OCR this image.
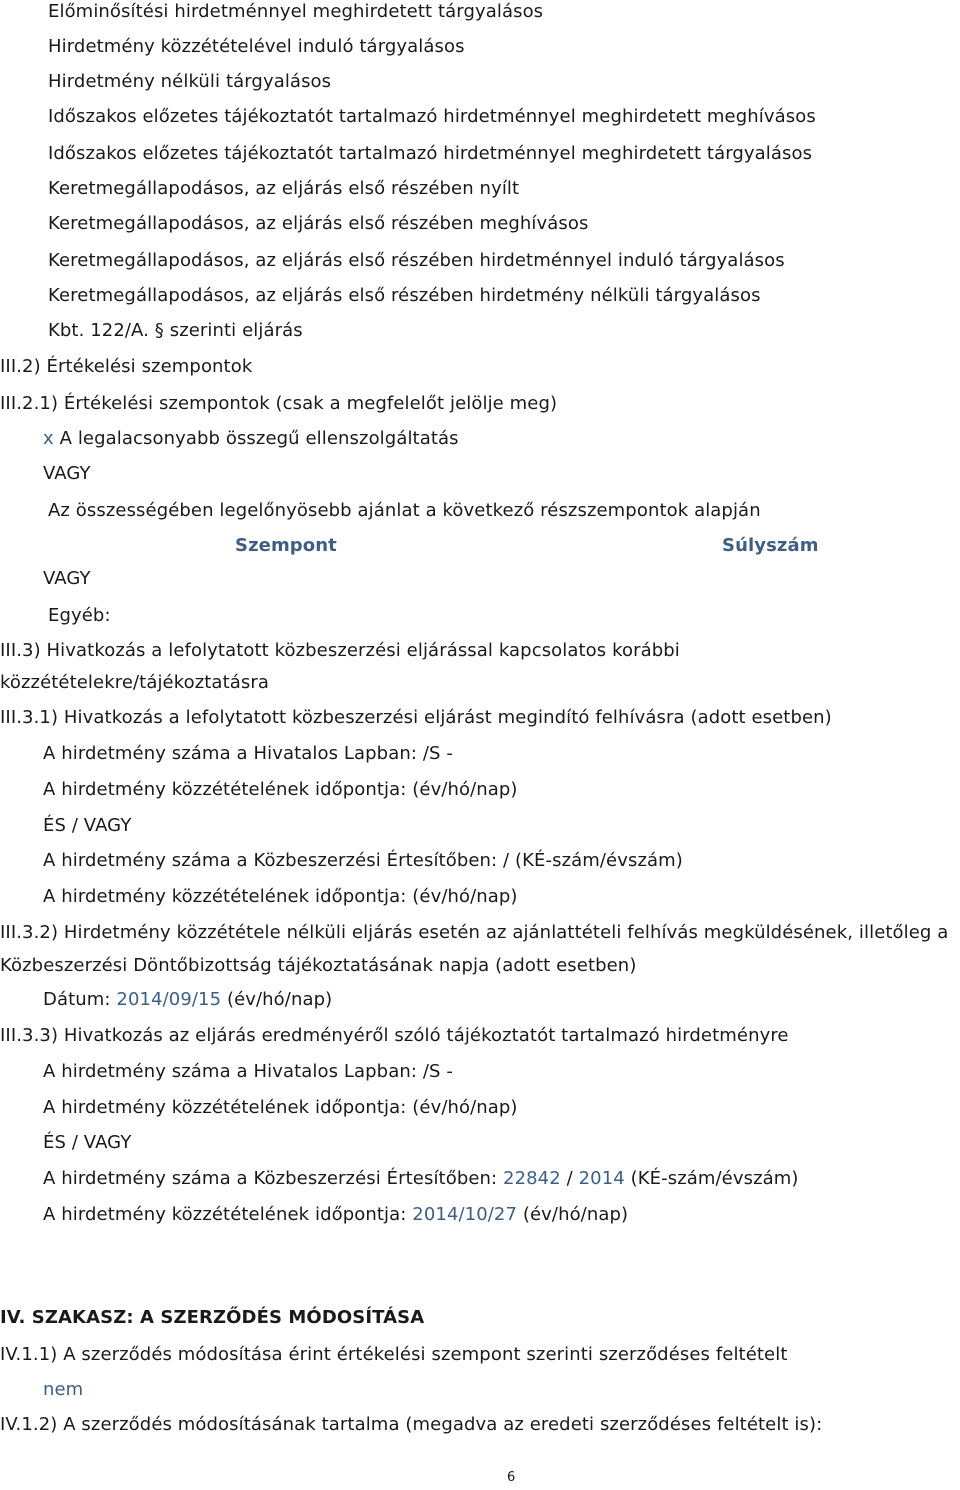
Előminősítési hirdetménnyel meghirdetett tárgyalásos
Hirdetmény közzétételével induló tárgyalásos
Hirdetmény nélküli tárgyalásos
Időszakos előzetes tájékoztatót tartalmazó hirdetménnyel meghirdetett meghívásos
Időszakos előzetes tájékoztatót tartalmazó hirdetménnyel meghirdetett tárgyalásos
Keretmegállapodásos, az eljárás első részében nyílt
Keretmegállapodásos, az eljárás első részében meghívásos
Keretmegállapodásos, az eljárás első részében hirdetménnyel induló tárgyalásos
Keretmegállapodásos, az eljárás első részében hirdetmény nélküli tárgyalásos
Kbt. 122/A. § szerinti eljárás
III.2) Értékelési szempontok
III.2.1) Értékelési szempontok (csak a megfelelőt jelölje meg)
x A legalacsonyabb összegű ellenszolgáltatás
VAGY
Az összességében legelőnyösebb ajánlat a következő részszempontok alapján
Szempont	Súlyszám
VAGY
Egyéb:
III.3) Hivatkozás a lefolytatott közbeszerzési eljárással kapcsolatos korábbi
közzétételekre/tájékoztatásra
III.3.1) Hivatkozás a lefolytatott közbeszerzési eljárást megindító felhívásra (adott esetben)
A hirdetmény száma a Hivatalos Lapban: /S -
A hirdetmény közzétételének időpontja: (év/hó/nap)
ÉS / VAGY
A hirdetmény száma a Közbeszerzési Értesítőben: / (KÉ-szám/évszám)
A hirdetmény közzétételének időpontja: (év/hó/nap)
III.3.2) Hirdetmény közzététele nélküli eljárás esetén az ajánlattételi felhívás megküldésének, illetőleg a
Közbeszerzési Döntőbizottság tájékoztatásának napja (adott esetben)
Dátum: 2014/09/15 (év/hó/nap)
III.3.3) Hivatkozás az eljárás eredményéről szóló tájékoztatót tartalmazó hirdetményre
A hirdetmény száma a Hivatalos Lapban: /S -
A hirdetmény közzétételének időpontja: (év/hó/nap)
ÉS / VAGY
A hirdetmény száma a Közbeszerzési Értesítőben: 22842 / 2014 (KÉ-szám/évszám)
A hirdetmény közzétételének időpontja: 2014/10/27 (év/hó/nap)
IV. SZAKASZ: A SZERZŐDÉS MÓDOSÍTÁSA
IV.1.1) A szerződés módosítása érint értékelési szempont szerinti szerződéses feltételt
nem
IV.1.2) A szerződés módosításának tartalma (megadva az eredeti szerződéses feltételt is):
6
